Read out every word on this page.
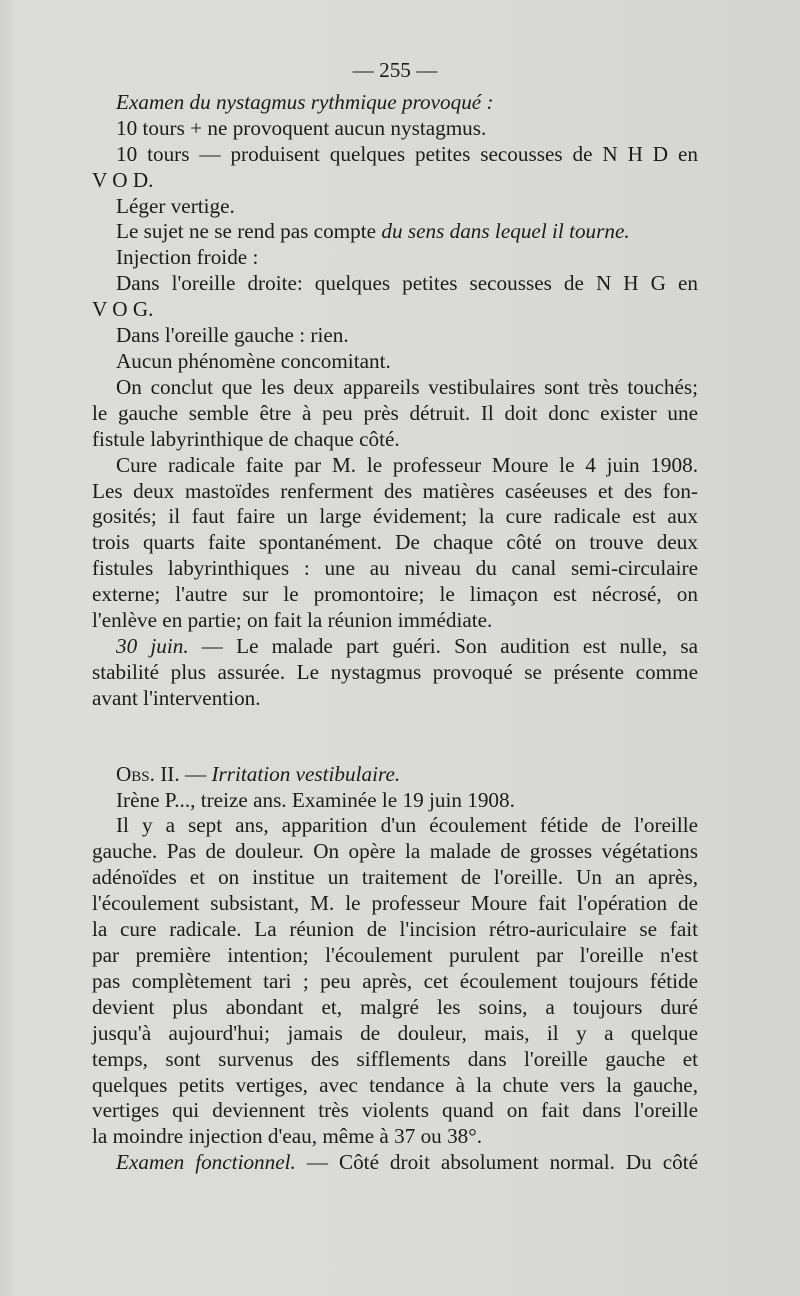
— 255 —
Examen du nystagmus rythmique provoqué :
10 tours + ne provoquent aucun nystagmus.
10 tours — produisent quelques petites secousses de N H D en
V O D.
Léger vertige.
Le sujet ne se rend pas compte du sens dans lequel il tourne.
Injection froide :
Dans l'oreille droite: quelques petites secousses de N H G en
V O G.
Dans l'oreille gauche : rien.
Aucun phénomène concomitant.
On conclut que les deux appareils vestibulaires sont très touchés;
le gauche semble être à peu près détruit. Il doit donc exister une
fistule labyrinthique de chaque côté.
Cure radicale faite par M. le professeur Moure le 4 juin 1908.
Les deux mastoïdes renferment des matières caséeuses et des fon-
gosités; il faut faire un large évidement; la cure radicale est aux
trois quarts faite spontanément. De chaque côté on trouve deux
fistules labyrinthiques : une au niveau du canal semi-circulaire
externe; l'autre sur le promontoire; le limaçon est nécrosé, on
l'enlève en partie; on fait la réunion immédiate.
30 juin. — Le malade part guéri. Son audition est nulle, sa
stabilité plus assurée. Le nystagmus provoqué se présente comme
avant l'intervention.
Obs. II. — Irritation vestibulaire.
Irène P..., treize ans. Examinée le 19 juin 1908.
Il y a sept ans, apparition d'un écoulement fétide de l'oreille
gauche. Pas de douleur. On opère la malade de grosses végétations
adénoïdes et on institue un traitement de l'oreille. Un an après,
l'écoulement subsistant, M. le professeur Moure fait l'opération de
la cure radicale. La réunion de l'incision rétro-auriculaire se fait
par première intention; l'écoulement purulent par l'oreille n'est
pas complètement tari ; peu après, cet écoulement toujours fétide
devient plus abondant et, malgré les soins, a toujours duré
jusqu'à aujourd'hui; jamais de douleur, mais, il y a quelque
temps, sont survenus des sifflements dans l'oreille gauche et
quelques petits vertiges, avec tendance à la chute vers la gauche,
vertiges qui deviennent très violents quand on fait dans l'oreille
la moindre injection d'eau, même à 37 ou 38°.
Examen fonctionnel. — Côté droit absolument normal. Du côté
